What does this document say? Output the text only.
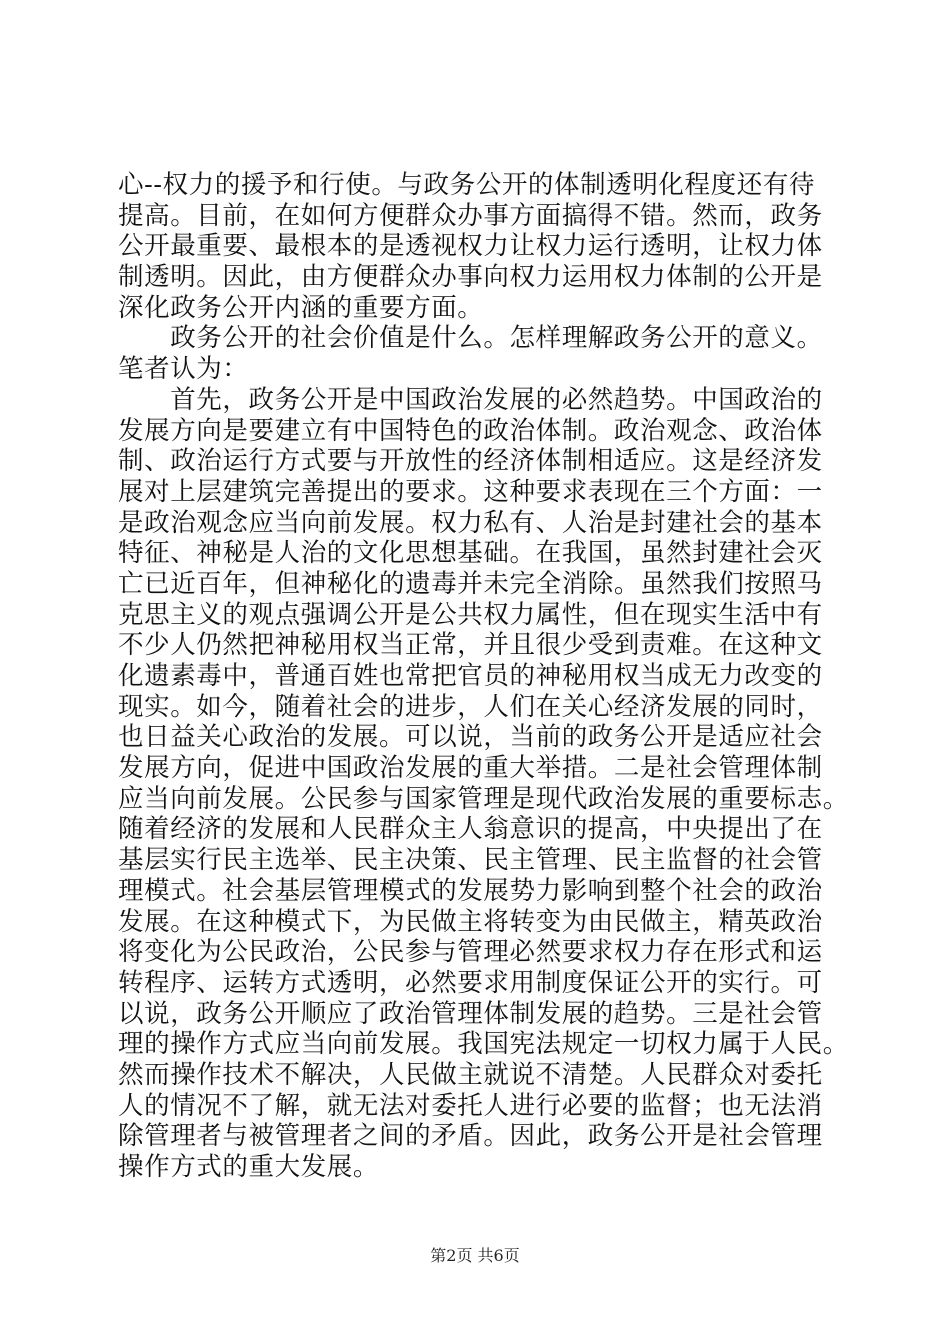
心--权力的援予和行使。与政务公开的体制透明化程度还有待
提高。目前，在如何方便群众办事方面搞得不错。然而，政务
公开最重要、最根本的是透视权力让权力运行透明，让权力体
制透明。因此，由方便群众办事向权力运用权力体制的公开是
深化政务公开内涵的重要方面。
　　政务公开的社会价值是什么。怎样理解政务公开的意义。
笔者认为：
　　首先，政务公开是中国政治发展的必然趋势。中国政治的
发展方向是要建立有中国特色的政治体制。政治观念、政治体
制、政治运行方式要与开放性的经济体制相适应。这是经济发
展对上层建筑完善提出的要求。这种要求表现在三个方面：一
是政治观念应当向前发展。权力私有、人治是封建社会的基本
特征、神秘是人治的文化思想基础。在我国，虽然封建社会灭
亡已近百年，但神秘化的遗毒并未完全消除。虽然我们按照马
克思主义的观点强调公开是公共权力属性，但在现实生活中有
不少人仍然把神秘用权当正常，并且很少受到责难。在这种文
化遗素毒中，普通百姓也常把官员的神秘用权当成无力改变的
现实。如今，随着社会的进步，人们在关心经济发展的同时，
也日益关心政治的发展。可以说，当前的政务公开是适应社会
发展方向，促进中国政治发展的重大举措。二是社会管理体制
应当向前发展。公民参与国家管理是现代政治发展的重要标志。
随着经济的发展和人民群众主人翁意识的提高，中央提出了在
基层实行民主选举、民主决策、民主管理、民主监督的社会管
理模式。社会基层管理模式的发展势力影响到整个社会的政治
发展。在这种模式下，为民做主将转变为由民做主，精英政治
将变化为公民政治，公民参与管理必然要求权力存在形式和运
转程序、运转方式透明，必然要求用制度保证公开的实行。可
以说，政务公开顺应了政治管理体制发展的趋势。三是社会管
理的操作方式应当向前发展。我国宪法规定一切权力属于人民。
然而操作技术不解决，人民做主就说不清楚。人民群众对委托
人的情况不了解，就无法对委托人进行必要的监督；也无法消
除管理者与被管理者之间的矛盾。因此，政务公开是社会管理
操作方式的重大发展。
第2页 共6页
